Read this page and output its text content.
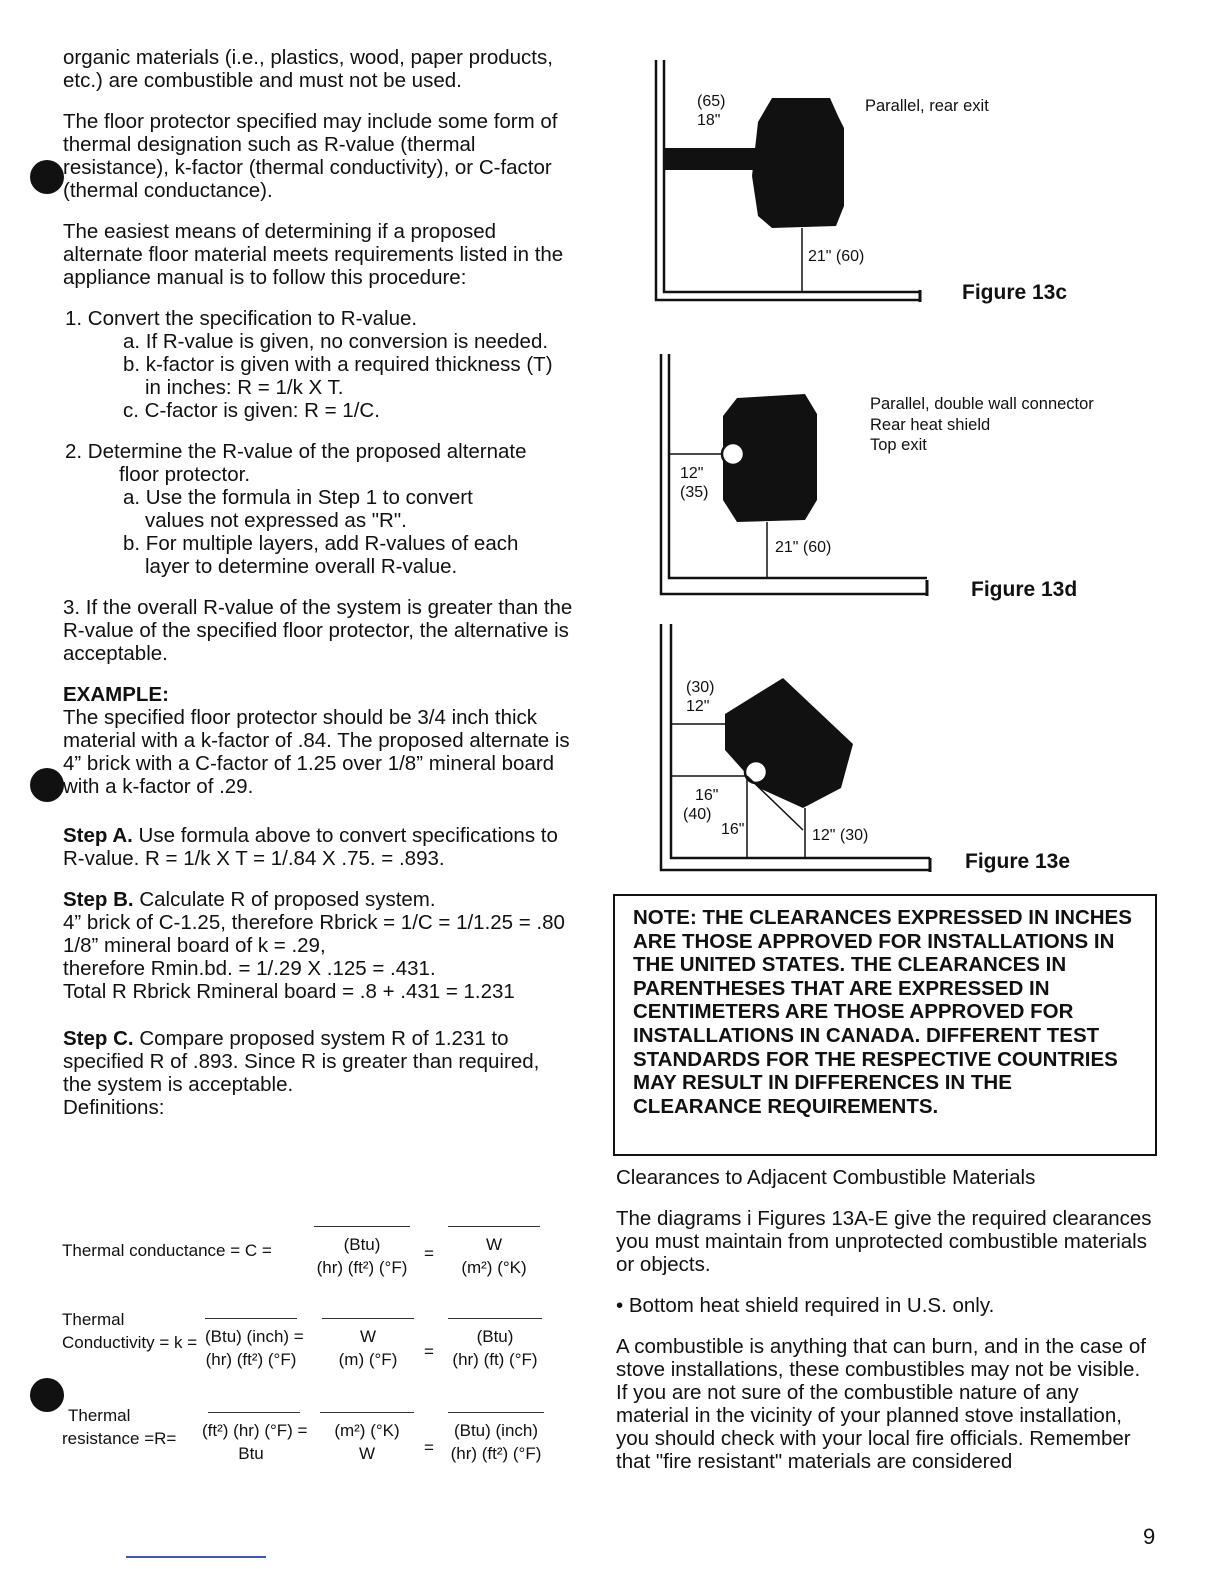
organic materials (i.e., plastics, wood, paper products, etc.) are combustible and must not be used.

The floor protector specified may include some form of thermal designation such as R-value (thermal resistance), k-factor (thermal conductivity), or C-factor (thermal conductance).

The easiest means of determining if a proposed alternate floor material meets requirements listed in the appliance manual is to follow this procedure:

1. Convert the specification to R-value.

a. If R-value is given, no conversion is needed.

b. k-factor is given with a required thickness (T) in inches: R = 1/k X T.

c. C-factor is given: R = 1/C.

2. Determine the R-value of the proposed alternate floor protector.

a. Use the formula in Step 1 to convert values not expressed as "R".

b. For multiple layers, add R-values of each layer to determine overall R-value.

3. If the overall R-value of the system is greater than the R-value of the specified floor protector, the alternative is acceptable.

EXAMPLE:

The specified floor protector should be 3/4 inch thick material with a k-factor of .84. The proposed alternate is 4” brick with a C-factor of 1.25 over 1/8” mineral board with a k-factor of .29.

Step A. Use formula above to convert specifications to R-value. R = 1/k X T = 1/.84 X .75. = .893.

Step B. Calculate R of proposed system.

4” brick of C-1.25, therefore Rbrick = 1/C = 1/1.25 = .80

1/8” mineral board of k = .29,

therefore Rmin.bd. = 1/.29 X .125 = .431.

Total R Rbrick Rmineral board = .8 + .431 = 1.231

Step C. Compare proposed system R of 1.231 to specified R of .893. Since R is greater than required, the system is acceptable.

Definitions:

Thermal conductance = C =	(Btu)
(hr) (ft²) (°F)
=	W
(m²) (°K)
Thermal
Conductivity = k = (Btu) (inch) =
(hr) (ft²) (°F)
W
(m) (°F)	=
(Btu)
(hr) (ft) (°F)
Thermal
resistance =R= (ft²) (hr) (°F) =
Btu
(m²) (°K)
W	=
(Btu) (inch)
(hr) (ft²) (°F)
(65)
18"
21" (60)
Parallel, rear exit
Figure 13c
12"
(35)
21" (60)
Parallel, double wall connector
Rear heat shield
Top exit
Figure 13d
(30)
12"
16"
(40)
16"	12" (30)
Figure 13e
NOTE: THE CLEARANCES EXPRESSED IN INCHES ARE THOSE APPROVED FOR INSTALLATIONS IN THE UNITED STATES. THE CLEARANCES IN PARENTHESES THAT ARE EXPRESSED IN CENTIMETERS ARE THOSE APPROVED FOR INSTALLATIONS IN CANADA. DIFFERENT TEST STANDARDS FOR THE RESPECTIVE COUNTRIES MAY RESULT IN DIFFERENCES IN THE CLEARANCE REQUIREMENTS.

Clearances to Adjacent Combustible Materials

The diagrams i Figures 13A-E give the required clearances you must maintain from unprotected combustible materials or objects.

• Bottom heat shield required in U.S. only.

A combustible is anything that can burn, and in the case of stove installations, these combustibles may not be visible. If you are not sure of the combustible nature of any material in the vicinity of your planned stove installation, you should check with your local fire officials. Remember that "fire resistant" materials are considered

9
